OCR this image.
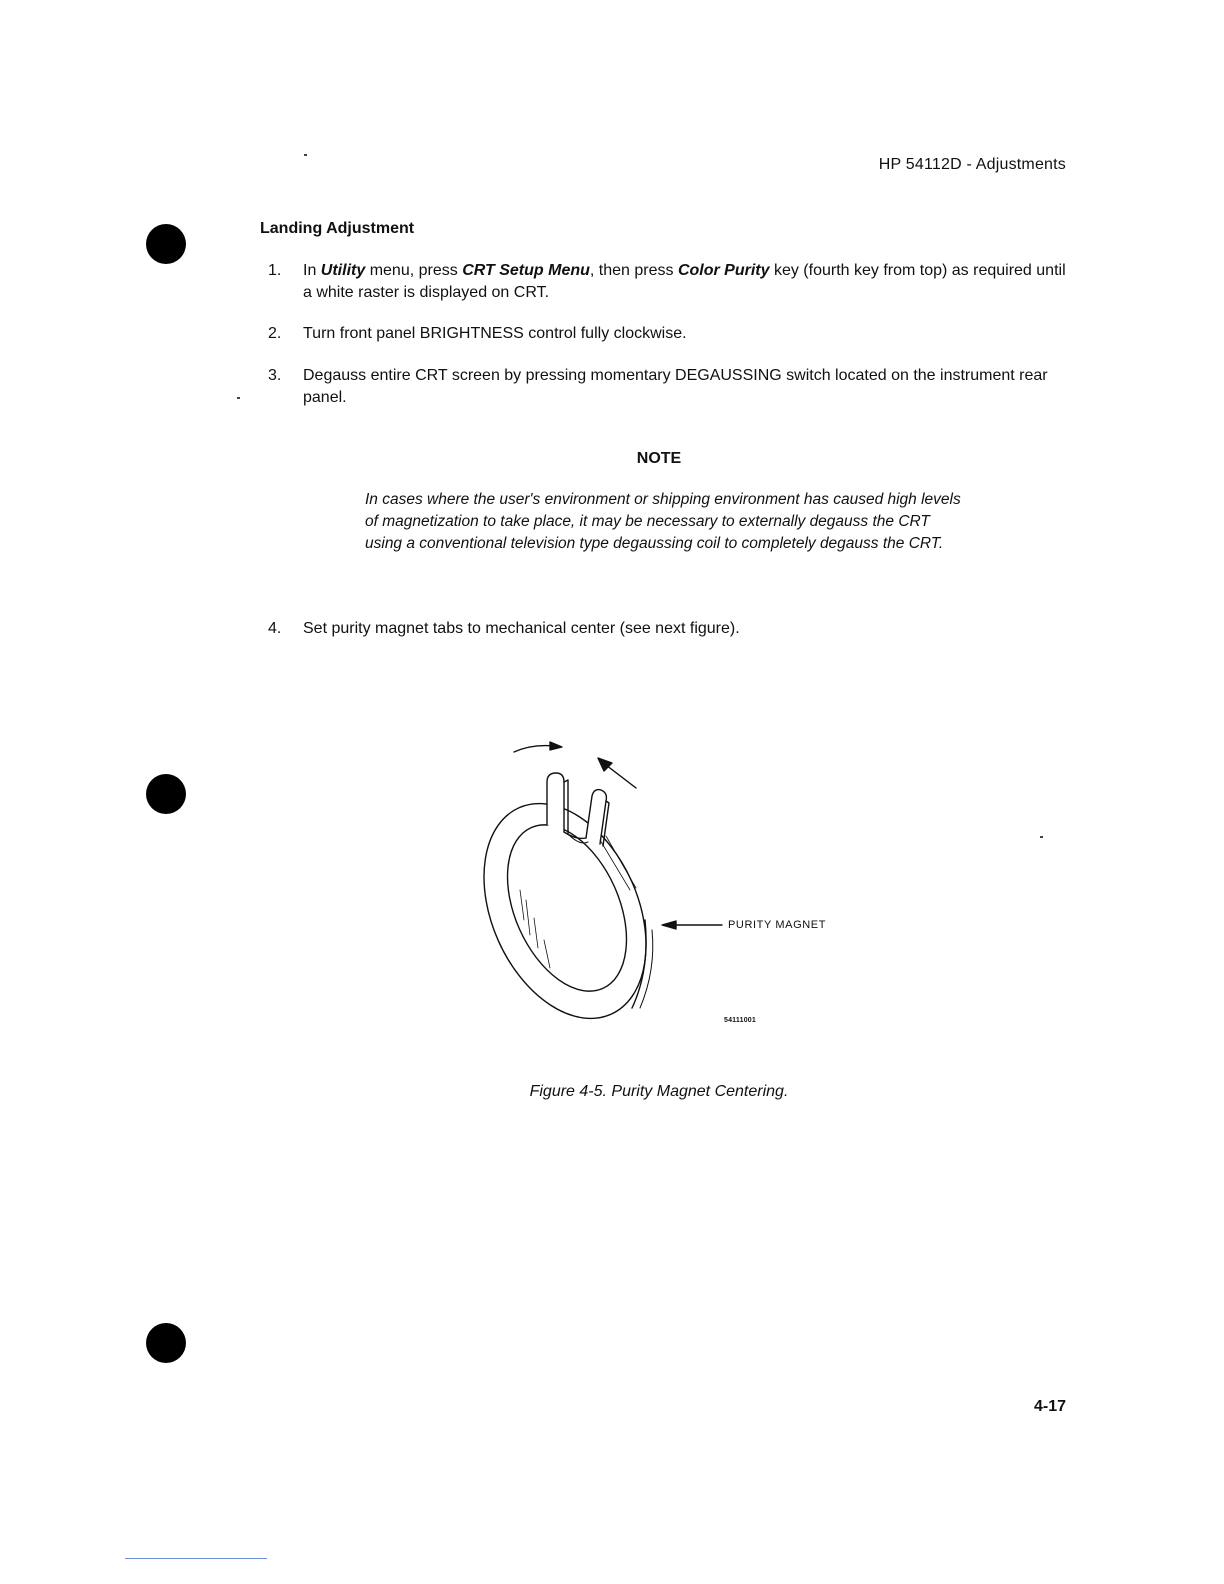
HP 54112D - Adjustments
Landing Adjustment
1.	In Utility menu, press CRT Setup Menu, then press Color Purity key (fourth key from top) as required until a white raster is displayed on CRT.
2.	Turn front panel BRIGHTNESS control fully clockwise.
3.	Degauss entire CRT screen by pressing momentary DEGAUSSING switch located on the instrument rear panel.
NOTE
In cases where the user's environment or shipping environment has caused high levels of magnetization to take place, it may be necessary to externally degauss the CRT using a conventional television type degaussing coil to completely degauss the CRT.
4.	Set purity magnet tabs to mechanical center (see next figure).
PURITY MAGNET
54111001
Figure 4-5. Purity Magnet Centering.
4-17
